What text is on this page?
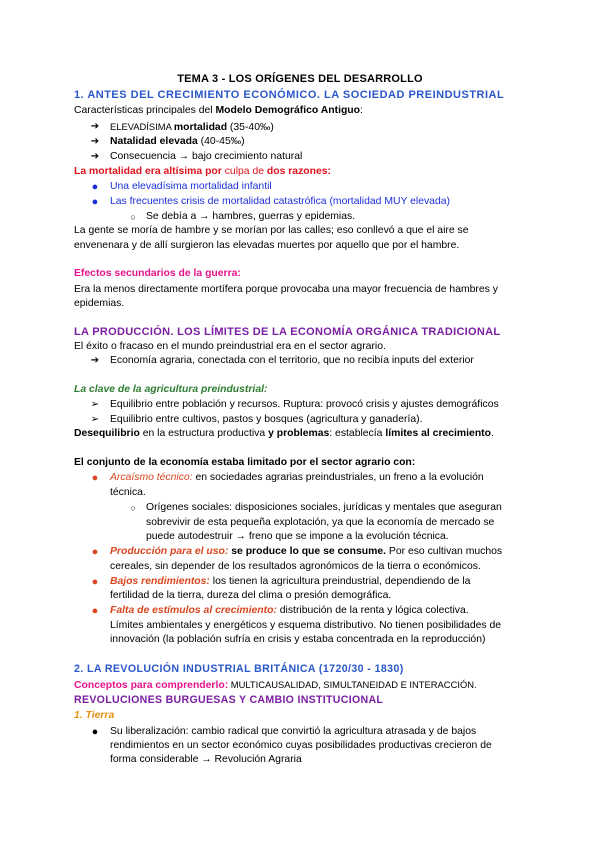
TEMA 3 - LOS ORÍGENES DEL DESARROLLO
1. ANTES DEL CRECIMIENTO ECONÓMICO. LA SOCIEDAD PREINDUSTRIAL
Características principales del Modelo Demográfico Antiguo:
➔ ELEVADÍSIMA mortalidad (35-40‰)
➔ Natalidad elevada (40-45‰)
➔ Consecuencia → bajo crecimiento natural
La mortalidad era altísima por culpa de dos razones:
●	Una elevadísima mortalidad infantil
●	Las frecuentes crisis de mortalidad catastrófica (mortalidad MUY elevada)
○ Se debía a → hambres, guerras y epidemias.
La gente se moría de hambre y se morían por las calles; eso conllevó a que el aire se
envenenara y de allí surgieron las elevadas muertes por aquello que por el hambre.
Efectos secundarios de la guerra:
Era la menos directamente mortífera porque provocaba una mayor frecuencia de hambres y
epidemias.
LA PRODUCCIÓN. LOS LÍMITES DE LA ECONOMÍA ORGÁNICA TRADICIONAL
El éxito o fracaso en el mundo preindustrial era en el sector agrario.
➔ Economía agraria, conectada con el territorio, que no recibía inputs del exterior
La clave de la agricultura preindustrial:
➢ Equilibrio entre población y recursos. Ruptura: provocó crisis y ajustes demográficos
➢ Equilibrio entre cultivos, pastos y bosques (agricultura y ganadería).
Desequilibrio en la estructura productiva y problemas: establecía límites al crecimiento.
El conjunto de la economía estaba limitado por el sector agrario con:
●	Arcaísmo técnico: en sociedades agrarias preindustriales, un freno a la evolución
técnica.
○ Orígenes sociales: disposiciones sociales, jurídicas y mentales que aseguran
sobrevivir de esta pequeña explotación, ya que la economía de mercado se
puede autodestruir → freno que se impone a la evolución técnica.
●	Producción para el uso: se produce lo que se consume. Por eso cultivan muchos
cereales, sin depender de los resultados agronómicos de la tierra o económicos.
●	Bajos rendimientos: los tienen la agricultura preindustrial, dependiendo de la
fertilidad de la tierra, dureza del clima o presión demográfica.
●	Falta de estímulos al crecimiento: distribución de la renta y lógica colectiva.
Límites ambientales y energéticos y esquema distributivo. No tienen posibilidades de
innovación (la población sufría en crisis y estaba concentrada en la reproducción)
2. LA REVOLUCIÓN INDUSTRIAL BRITÁNICA (1720/30 - 1830)
Conceptos para comprenderlo: MULTICAUSALIDAD, SIMULTANEIDAD E INTERACCIÓN.
REVOLUCIONES BURGUESAS Y CAMBIO INSTITUCIONAL
1. Tierra
●	Su liberalización: cambio radical que convirtió la agricultura atrasada y de bajos
rendimientos en un sector económico cuyas posibilidades productivas crecieron de
forma considerable → Revolución Agraria
